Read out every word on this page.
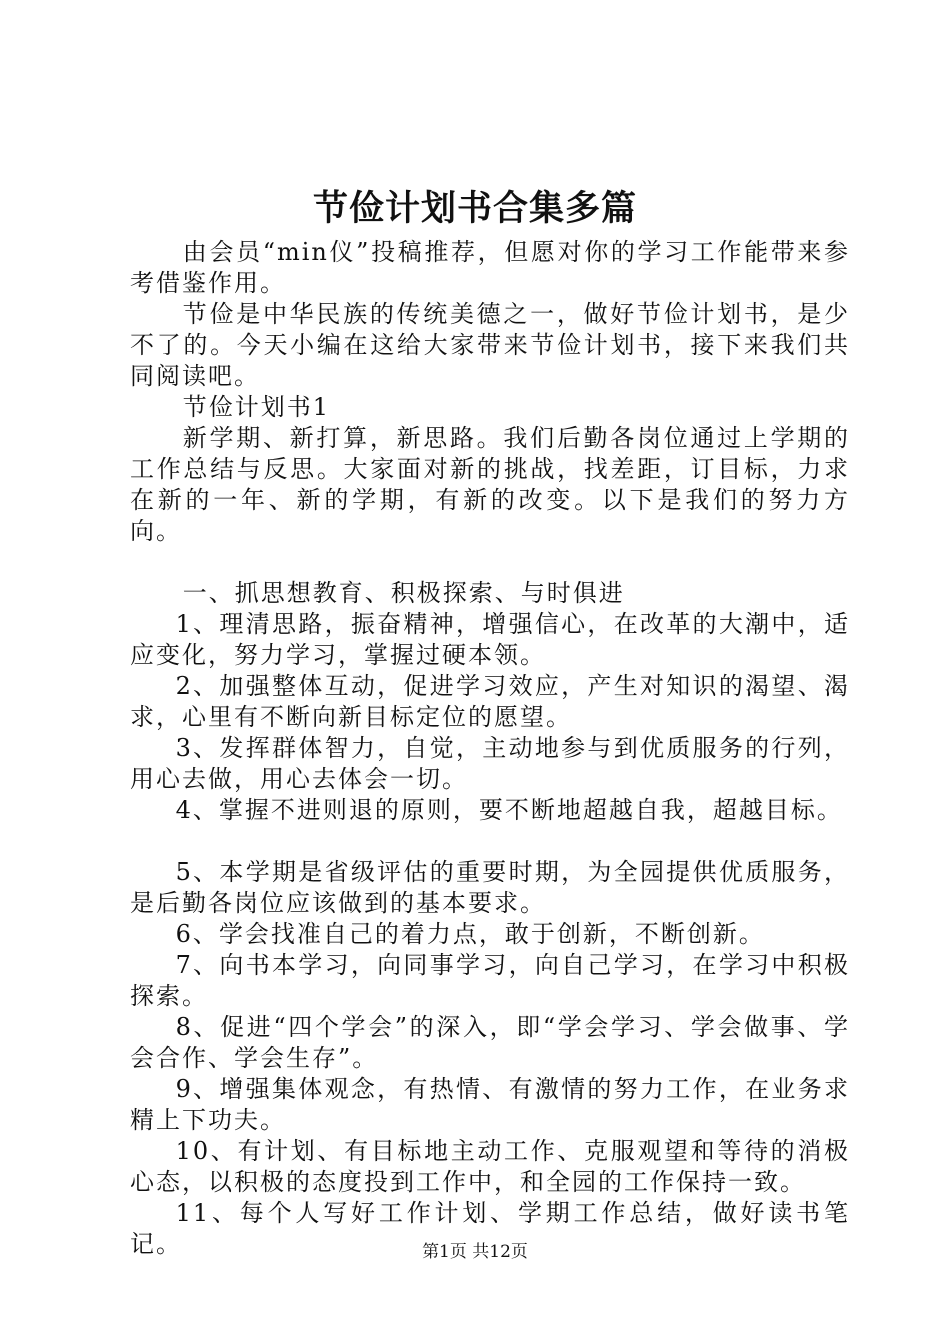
节俭计划书合集多篇

由会员“min仪”投稿推荐，但愿对你的学习工作能带来参考借鉴作用。

节俭是中华民族的传统美德之一，做好节俭计划书，是少不了的。今天小编在这给大家带来节俭计划书，接下来我们共同阅读吧。

节俭计划书1

新学期、新打算，新思路。我们后勤各岗位通过上学期的工作总结与反思。大家面对新的挑战，找差距，订目标，力求在新的一年、新的学期，有新的改变。以下是我们的努力方向。

一、抓思想教育、积极探索、与时俱进

1、理清思路，振奋精神，增强信心，在改革的大潮中，适应变化，努力学习，掌握过硬本领。

2、加强整体互动，促进学习效应，产生对知识的渴望、渴求，心里有不断向新目标定位的愿望。

3、发挥群体智力，自觉，主动地参与到优质服务的行列，用心去做，用心去体会一切。

4、掌握不进则退的原则，要不断地超越自我，超越目标。

5、本学期是省级评估的重要时期，为全园提供优质服务，是后勤各岗位应该做到的基本要求。

6、学会找准自己的着力点，敢于创新，不断创新。

7、向书本学习，向同事学习，向自己学习，在学习中积极探索。

8、促进“四个学会”的深入，即“学会学习、学会做事、学会合作、学会生存”。

9、增强集体观念，有热情、有激情的努力工作，在业务求精上下功夫。

10、有计划、有目标地主动工作、克服观望和等待的消极心态，以积极的态度投到工作中，和全园的工作保持一致。

11、每个人写好工作计划、学期工作总结，做好读书笔记。	第1页 共12页
